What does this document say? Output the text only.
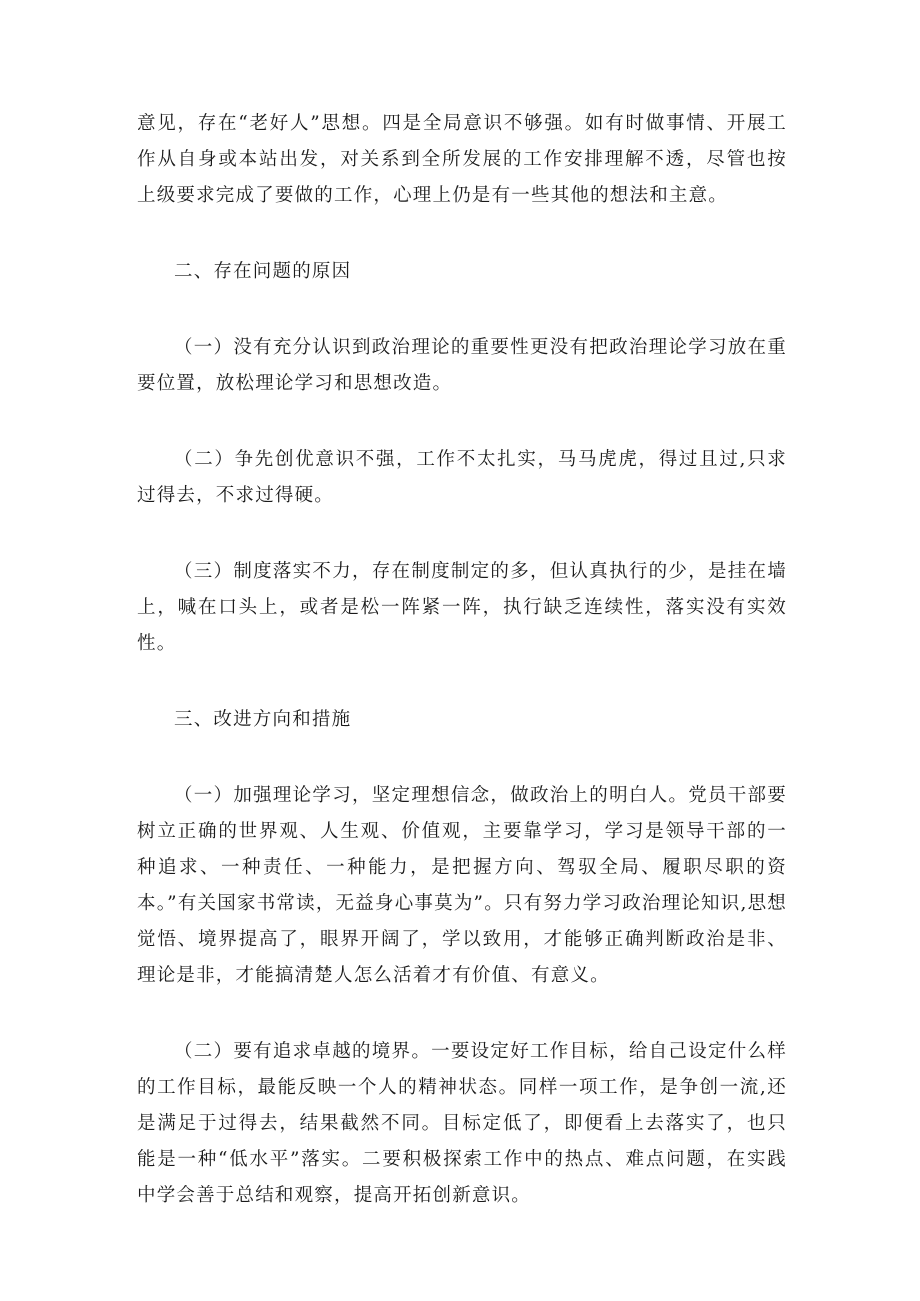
意见，存在“老好人”思想。四是全局意识不够强。如有时做事情、开展工作从自身或本站出发，对关系到全所发展的工作安排理解不透，尽管也按上级要求完成了要做的工作，心理上仍是有一些其他的想法和主意。

二、存在问题的原因

（一）没有充分认识到政治理论的重要性更没有把政治理论学习放在重要位置，放松理论学习和思想改造。

（二）争先创优意识不强，工作不太扎实，马马虎虎，得过且过,只求过得去，不求过得硬。

（三）制度落实不力，存在制度制定的多，但认真执行的少，是挂在墙上，喊在口头上，或者是松一阵紧一阵，执行缺乏连续性，落实没有实效性。

三、改进方向和措施

（一）加强理论学习，坚定理想信念，做政治上的明白人。党员干部要树立正确的世界观、人生观、价值观，主要靠学习，学习是领导干部的一种追求、一种责任、一种能力，是把握方向、驾驭全局、履职尽职的资本。”有关国家书常读，无益身心事莫为”。只有努力学习政治理论知识,思想觉悟、境界提高了，眼界开阔了，学以致用，才能够正确判断政治是非、理论是非，才能搞清楚人怎么活着才有价值、有意义。

（二）要有追求卓越的境界。一要设定好工作目标，给自己设定什么样的工作目标，最能反映一个人的精神状态。同样一项工作，是争创一流,还是满足于过得去，结果截然不同。目标定低了，即便看上去落实了，也只能是一种“低水平”落实。二要积极探索工作中的热点、难点问题，在实践中学会善于总结和观察，提高开拓创新意识。
